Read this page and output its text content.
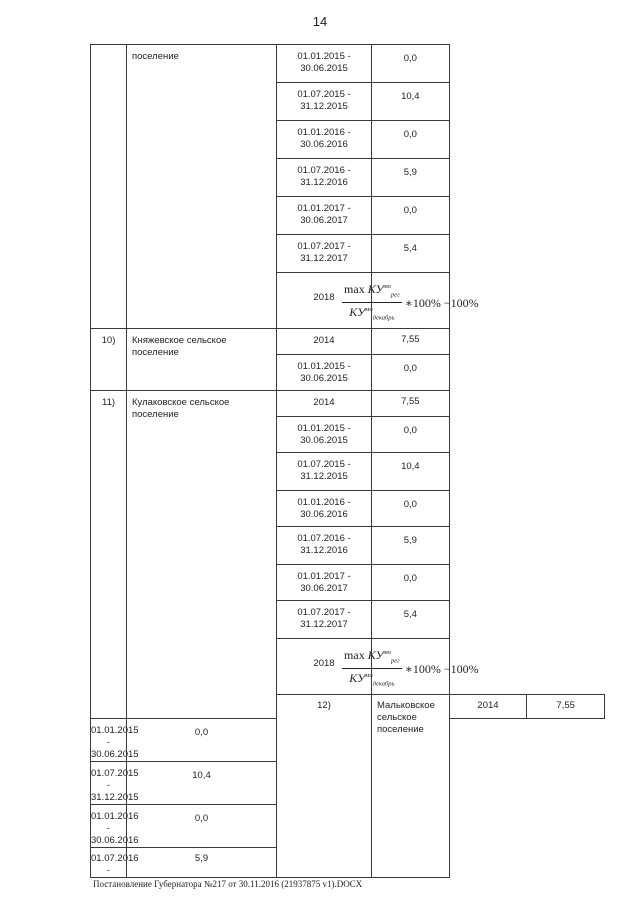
14

	поселение	01.01.2015 - 30.06.2015	0,0		

		01.07.2015 - 31.12.2015	10,4		

		01.01.2016 - 30.06.2016	0,0		

		01.07.2016 - 31.12.2016	5,9		

		01.01.2017 - 30.06.2017	0,0		

		01.07.2017 - 31.12.2017	5,4		

		2018	$\frac{\max КУ^{мо}_{рег}}{КУ^{мо}_{декабрь}}$ ∗100% −100%		

10)	Княжевское сельское поселение	2014	7,55		

		01.01.2015 - 30.06.2015	0,0		

11)	Кулаковское сельское поселение	2014	7,55		

		01.01.2015 - 30.06.2015	0,0		

		01.07.2015 - 31.12.2015	10,4		

		01.01.2016 - 30.06.2016	0,0		

		01.07.2016 - 31.12.2016	5,9		

		01.01.2017 - 30.06.2017	0,0		

		01.07.2017 - 31.12.2017	5,4		

		2018	$\frac{\max КУ^{мо}_{рег}}{КУ^{мо}_{декабрь}}$ ∗100% −100%		

		12)	Мальковское сельское поселение	2014	7,55

01.01.2015 - 30.06.2015	0,0				

01.07.2015 - 31.12.2015	10,4				

01.01.2016 - 30.06.2016	0,0				

01.07.2016 -	5,9				
Постановление Губернатора №217 от 30.11.2016 (21937875 v1).DOCX
